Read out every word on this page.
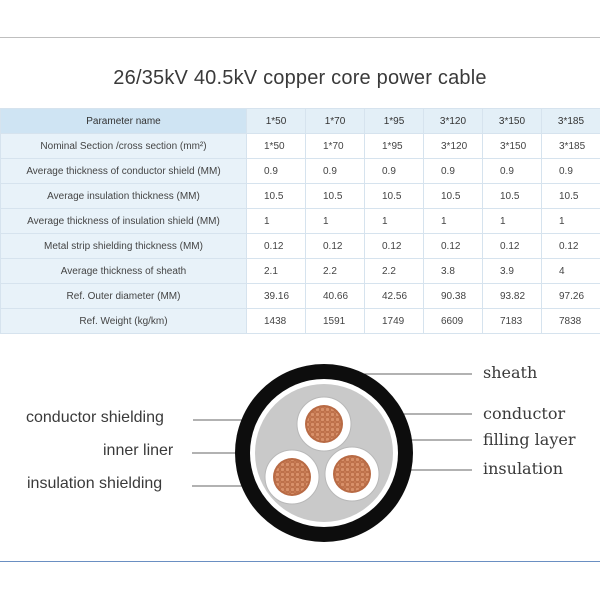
26/35kV 40.5kV copper core power cable
Parameter name	1*50	1*70	1*95	3*120	3*150	3*185
Nominal Section /cross section (mm²)	1*50	1*70	1*95	3*120	3*150	3*185
Average thickness of conductor shield (MM)	0.9	0.9	0.9	0.9	0.9	0.9
Average insulation thickness (MM)	10.5	10.5	10.5	10.5	10.5	10.5
Average thickness of insulation shield (MM)	1	1	1	1	1	1
Metal strip shielding thickness (MM)	0.12	0.12	0.12	0.12	0.12	0.12
Average thickness of sheath	2.1	2.2	2.2	3.8	3.9	4
Ref. Outer diameter (MM)	39.16	40.66	42.56	90.38	93.82	97.26
Ref. Weight (kg/km)	1438	1591	1749	6609	7183	7838
conductor shielding
inner liner
insulation shielding
sheath
conductor
filling layer
insulation
